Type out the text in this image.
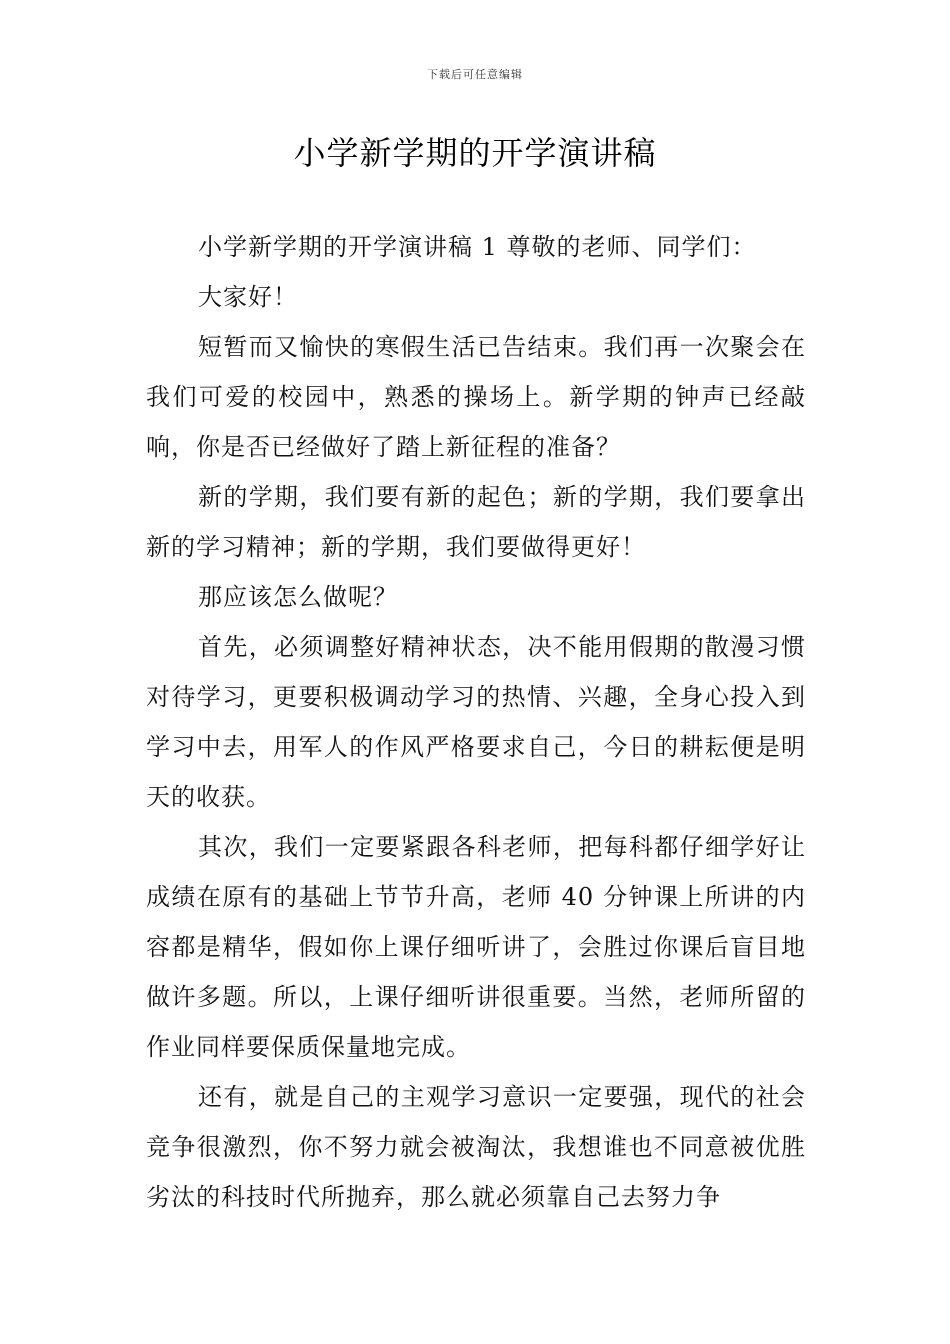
下载后可任意编辑
小学新学期的开学演讲稿

小学新学期的开学演讲稿 1 尊敬的老师、同学们：

大家好！

短暂而又愉快的寒假生活已告结束。我们再一次聚会在我们可爱的校园中，熟悉的操场上。新学期的钟声已经敲响，你是否已经做好了踏上新征程的准备？

新的学期，我们要有新的起色；新的学期，我们要拿出新的学习精神；新的学期，我们要做得更好！

那应该怎么做呢？

首先，必须调整好精神状态，决不能用假期的散漫习惯对待学习，更要积极调动学习的热情、兴趣，全身心投入到学习中去，用军人的作风严格要求自己，今日的耕耘便是明天的收获。

其次，我们一定要紧跟各科老师，把每科都仔细学好让成绩在原有的基础上节节升高，老师 40 分钟课上所讲的内容都是精华，假如你上课仔细听讲了，会胜过你课后盲目地做许多题。所以，上课仔细听讲很重要。当然，老师所留的作业同样要保质保量地完成。

还有，就是自己的主观学习意识一定要强，现代的社会竞争很激烈，你不努力就会被淘汰，我想谁也不同意被优胜劣汰的科技时代所抛弃，那么就必须靠自己去努力争
